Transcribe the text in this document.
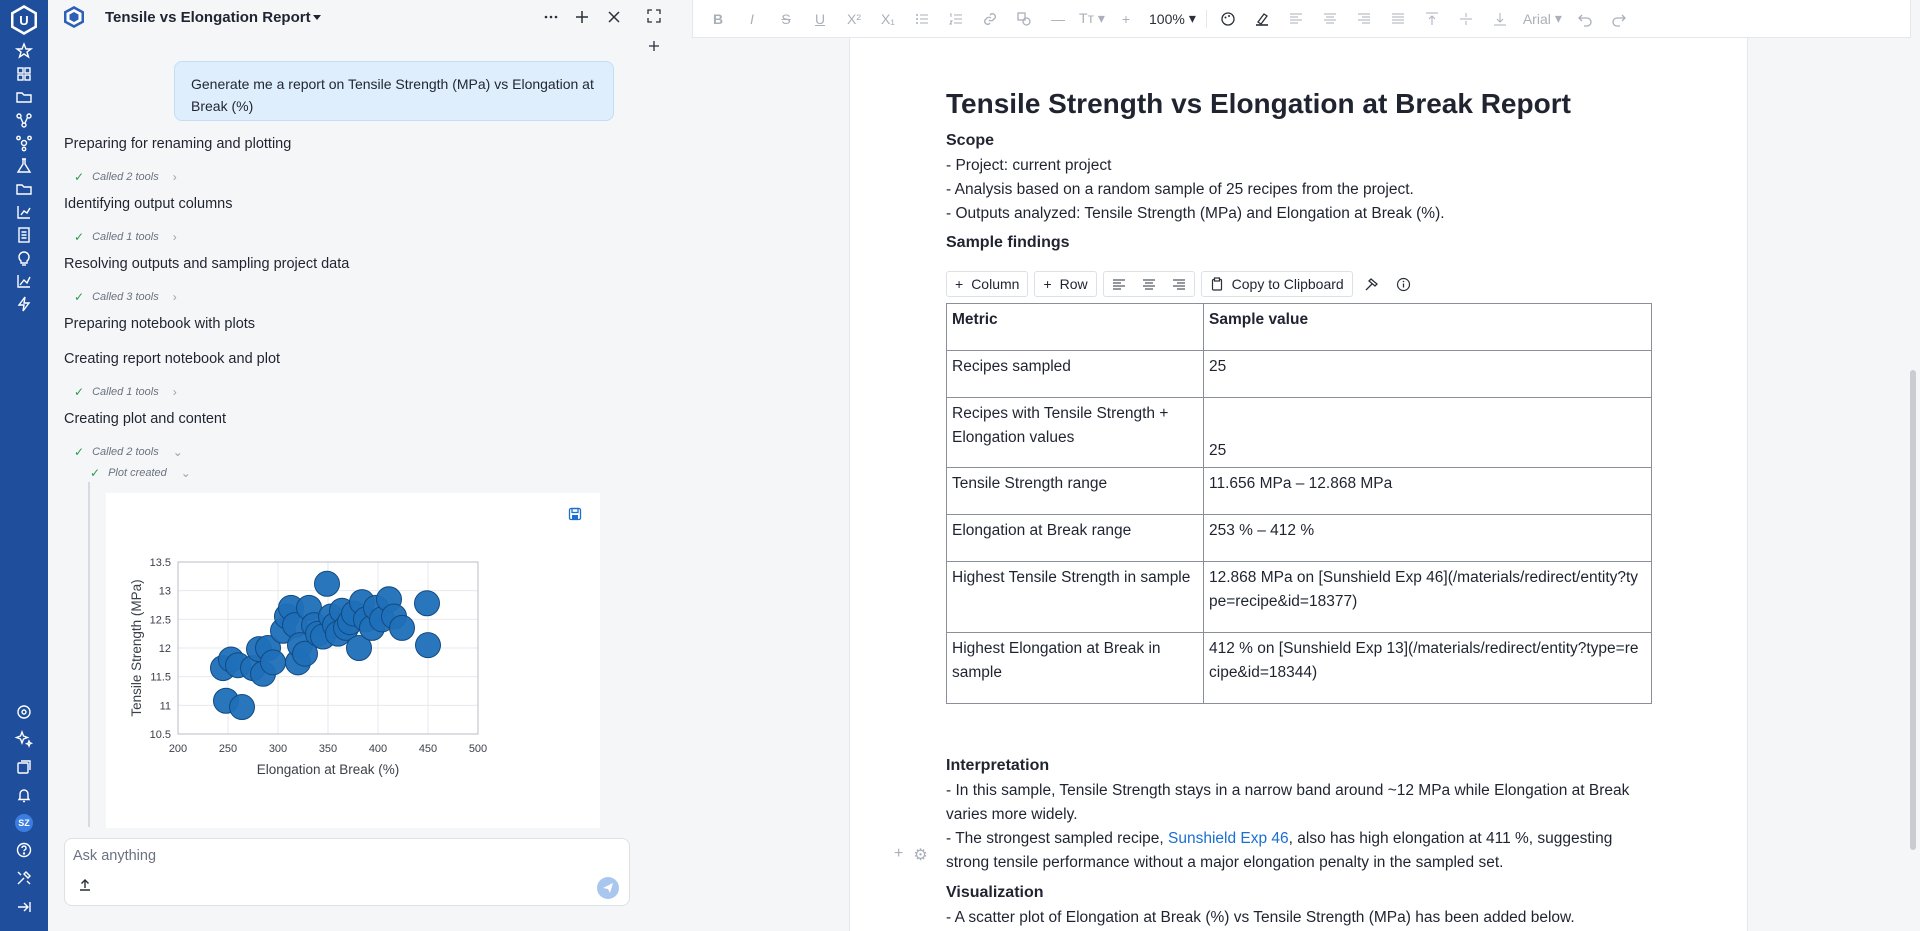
U
SZ
Tensile vs Elongation Report
Generate me a report on Tensile Strength (MPa) vs Elongation at Break (%)
Preparing for renaming and plotting
✓ Called 2 tools ›
Identifying output columns
✓ Called 1 tools ›
Resolving outputs and sampling project data
✓ Called 3 tools ›
Preparing notebook with plots
Creating report notebook and plot
✓ Called 1 tools ›
Creating plot and content
✓ Called 2 tools ⌄
✓ Plot created ⌄
200	250	300	350	400	450	500
10.5
11
11.5
12
12.5
13
13.5
Elongation at Break (%)
Tensile Strength (MPa)
Ask anything
B I S U	X²	X₁	—	Tт ▾	+	100% ▾	Arial ▾
Tensile Strength vs Elongation at Break Report
Scope
- Project: current project
- Analysis based on a random sample of 25 recipes from the project.
- Outputs analyzed: Tensile Strength (MPa) and Elongation at Break (%).
Sample findings
+ Column + Row	Copy to Clipboard
Metric	Sample value
Recipes sampled	25
Recipes with Tensile Strength + Elongation values	25
Tensile Strength range	11.656 MPa – 12.868 MPa
Elongation at Break range	253 % – 412 %
Highest Tensile Strength in sample	12.868 MPa on [Sunshield Exp 46](/materials/redirect/entity?type=recipe&id=18377)
Highest Elongation at Break in sample	412 % on [Sunshield Exp 13](/materials/redirect/entity?type=recipe&id=18344)
Interpretation
- In this sample, Tensile Strength stays in a narrow band around ~12 MPa while Elongation at Break varies more widely.
- The strongest sampled recipe, Sunshield Exp 46, also has high elongation at 411 %, suggesting strong tensile performance without a major elongation penalty in the sampled set.
Visualization
- A scatter plot of Elongation at Break (%) vs Tensile Strength (MPa) has been added below.
+ ⚙
